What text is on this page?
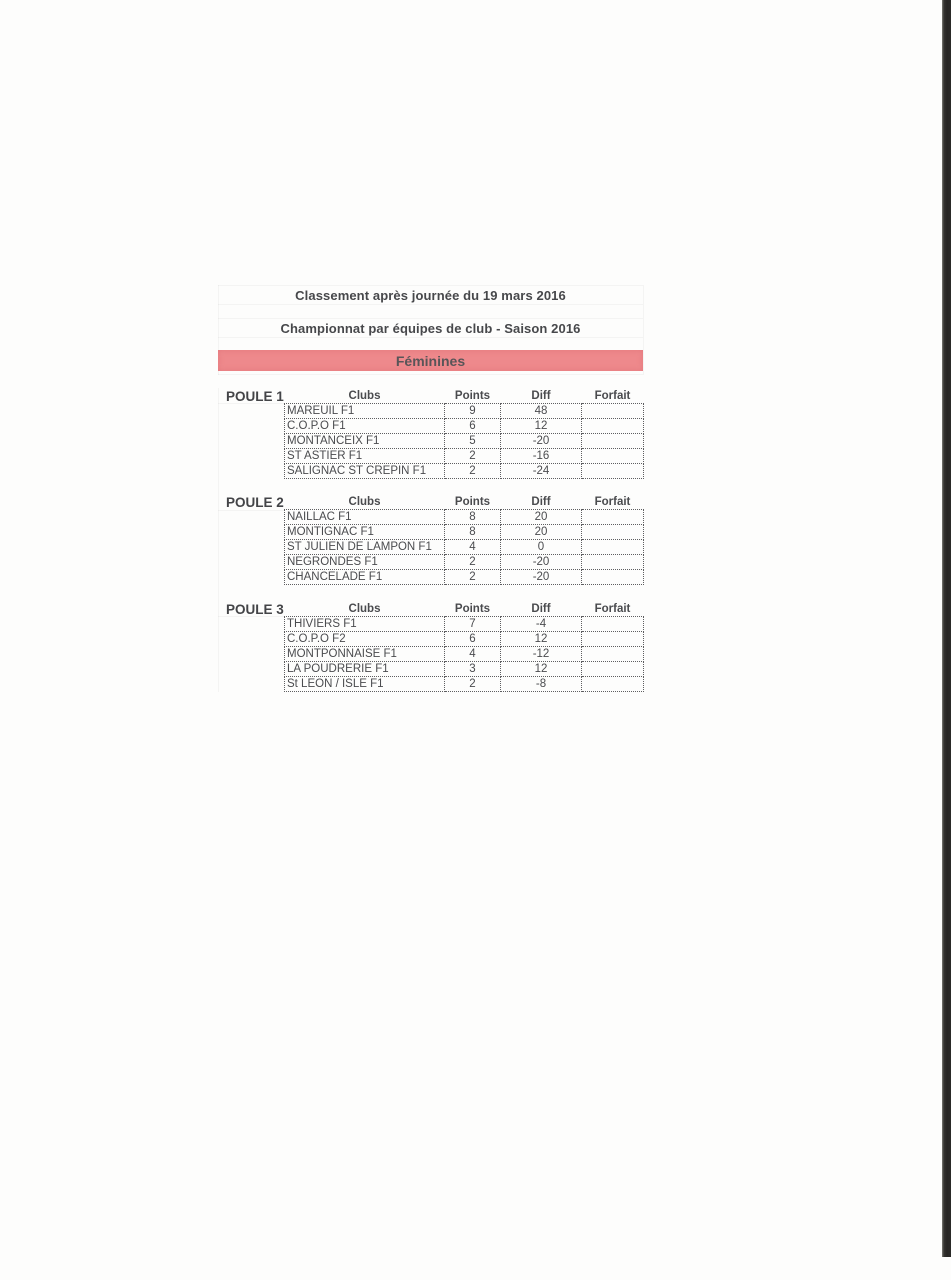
Classement après journée du 19 mars 2016
Championnat par équipes de club - Saison 2016
Féminines
POULE 1	Clubs	Points	Diff	Forfait
MAREUIL F1	9	48	
C.O.P.O F1	6	12	
MONTANCEIX F1	5	-20	
ST ASTIER F1	2	-16	
SALIGNAC ST CREPIN F1	2	-24	
POULE 2	Clubs	Points	Diff	Forfait
NAILLAC F1	8	20	
MONTIGNAC F1	8	20	
ST JULIEN DE LAMPON F1	4	0	
NEGRONDES F1	2	-20	
CHANCELADE F1	2	-20	
POULE 3	Clubs	Points	Diff	Forfait
THIVIERS F1	7	-4	
C.O.P.O F2	6	12	
MONTPONNAISE F1	4	-12	
LA POUDRERIE F1	3	12	
St LEON / ISLE F1	2	-8	
